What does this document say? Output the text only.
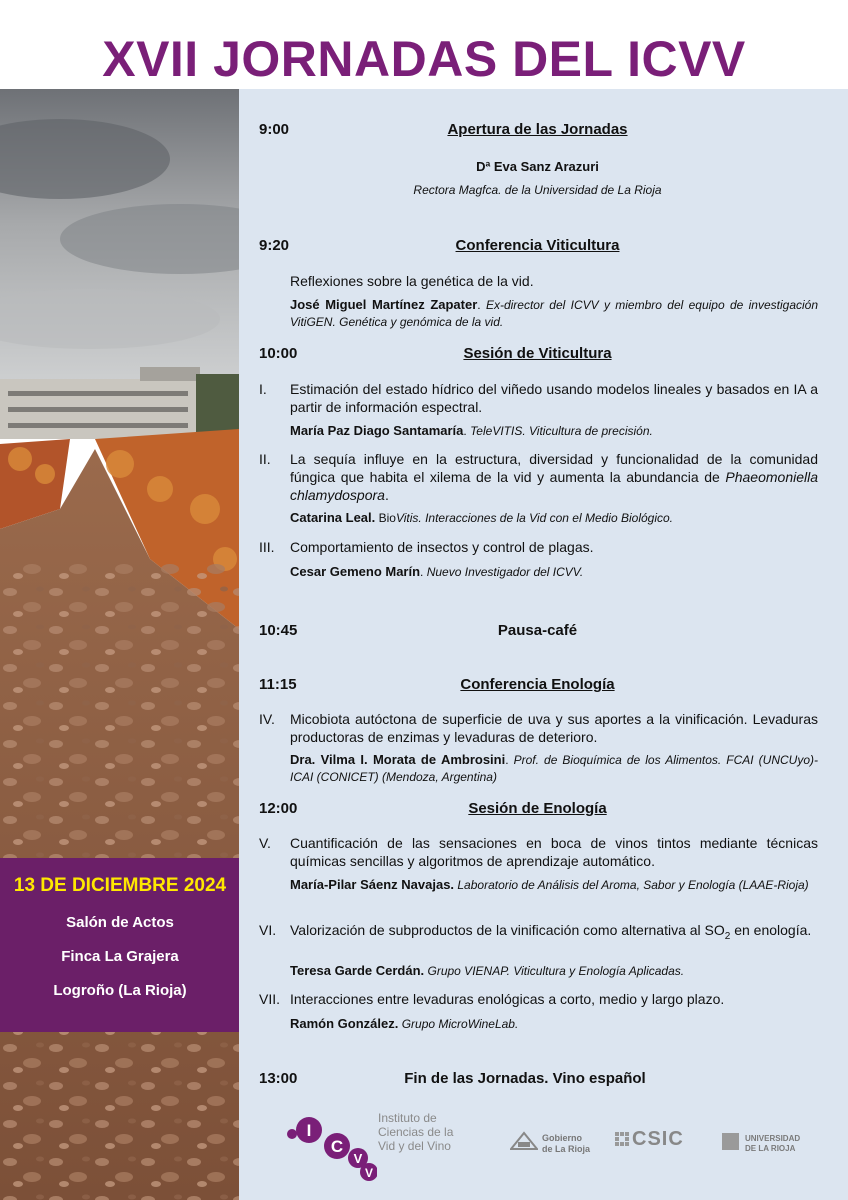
XVII JORNADAS DEL ICVV
13 DE DICIEMBRE 2024
Salón de Actos
Finca La Grajera
Logroño (La Rioja)
9:00	Apertura de las Jornadas
Dª Eva Sanz Arazuri
Rectora Magfca. de la Universidad de La Rioja
9:20	Conferencia Viticultura
Reflexiones sobre la genética de la vid.
José Miguel Martínez Zapater. Ex-director del ICVV y miembro del equipo de investigación VitiGEN. Genética y genómica de la vid.
10:00	Sesión de Viticultura
I. Estimación del estado hídrico del viñedo usando modelos lineales y basados en IA a partir de información espectral.
María Paz Diago Santamaría. TeleVITIS. Viticultura de precisión.
II. La sequía influye en la estructura, diversidad y funcionalidad de la comunidad fúngica que habita el xilema de la vid y aumenta la abundancia de Phaeomoniella chlamydospora.
Catarina Leal. BioVitis. Interacciones de la Vid con el Medio Biológico.
III. Comportamiento de insectos y control de plagas.
Cesar Gemeno Marín. Nuevo Investigador del ICVV.
10:45	Pausa-café
11:15	Conferencia Enología
IV. Micobiota autóctona de superficie de uva y sus aportes a la vinificación. Levaduras productoras de enzimas y levaduras de deterioro.
Dra. Vilma I. Morata de Ambrosini. Prof. de Bioquímica de los Alimentos. FCAI (UNCUyo)- ICAI (CONICET) (Mendoza, Argentina)
12:00	Sesión de Enología
V. Cuantificación de las sensaciones en boca de vinos tintos mediante técnicas químicas sencillas y algoritmos de aprendizaje automático.
María-Pilar Sáenz Navajas. Laboratorio de Análisis del Aroma, Sabor y Enología (LAAE-Rioja)
VI. Valorización de subproductos de la vinificación como alternativa al $SO_2$ en enología.
Teresa Garde Cerdán. Grupo VIENAP. Viticultura y Enología Aplicadas.
VII. Interacciones entre levaduras enológicas a corto, medio y largo plazo.
Ramón González. Grupo MicroWineLab.
13:00	Fin de las Jornadas. Vino español
I
C
V
V
Instituto de
Ciencias de la
Vid y del Vino
Gobierno
de La Rioja CSIC	UNIVERSIDAD
DE LA RIOJA
